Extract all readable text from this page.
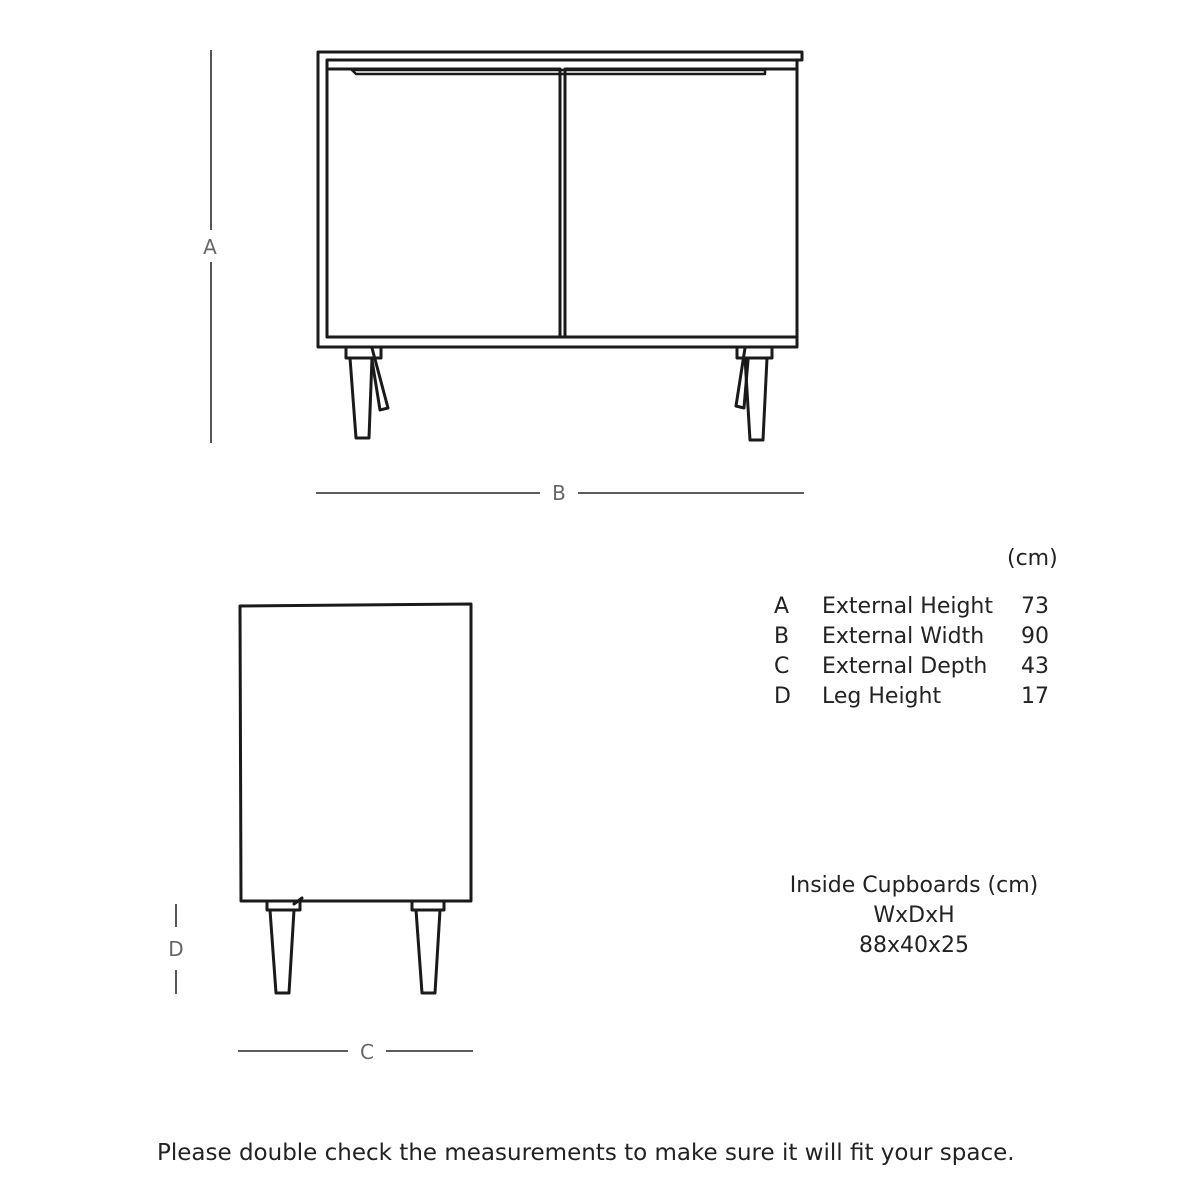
A
B
D
C
(cm)
A External Height 73
B External Width 90
C External Depth 43
D Leg Height	17
Inside Cupboards (cm)
WxDxH
88x40x25
Please double check the measurements to make sure it will fit your space.
